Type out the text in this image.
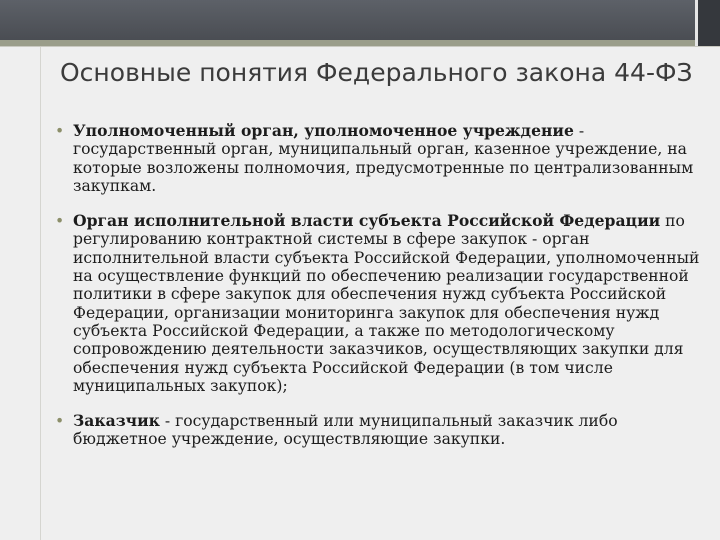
Основные понятия Федерального закона 44-ФЗ
• Уполномоченный орган, уполномоченное учреждение - государственный орган, муниципальный орган, казенное учреждение, на которые возложены полномочия, предусмотренные по централизованным закупкам.
• Орган исполнительной власти субъекта Российской Федерации по регулированию контрактной системы в сфере закупок - орган исполнительной власти субъекта Российской Федерации, уполномоченный на осуществление функций по обеспечению реализации государственной политики в сфере закупок для обеспечения нужд субъекта Российской Федерации, организации мониторинга закупок для обеспечения нужд субъекта Российской Федерации, а также по методологическому сопровождению деятельности заказчиков, осуществляющих закупки для обеспечения нужд субъекта Российской Федерации (в том числе муниципальных закупок);
• Заказчик - государственный или муниципальный заказчик либо бюджетное учреждение, осуществляющие закупки.
